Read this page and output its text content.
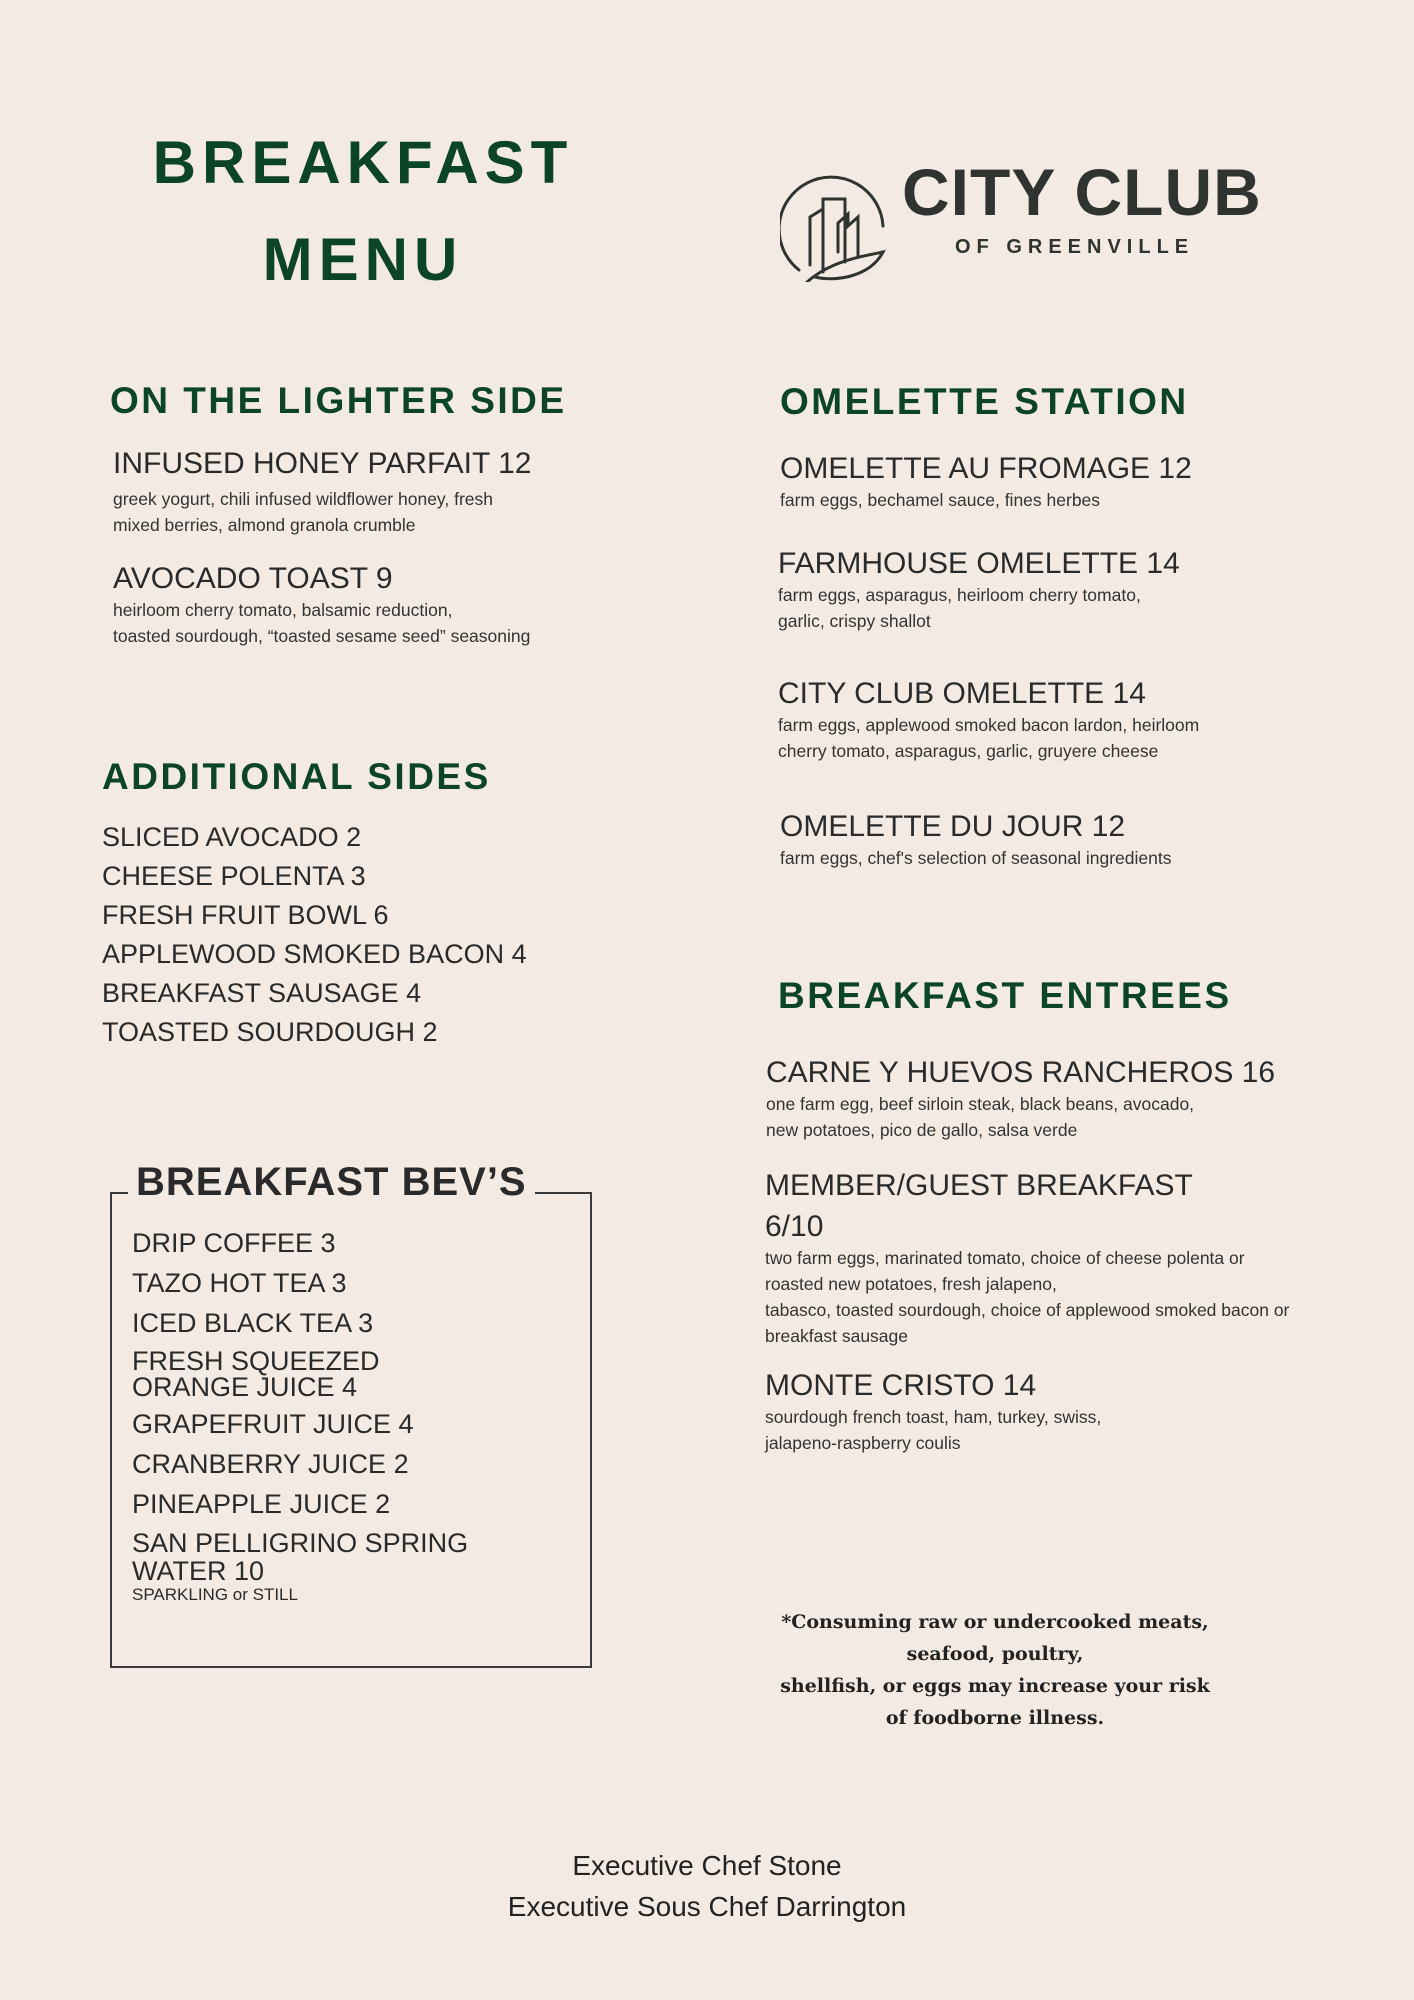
BREAKFAST
MENU
CITY CLUB
OF GREENVILLE
ON THE LIGHTER SIDE
INFUSED HONEY PARFAIT 12
greek yogurt, chili infused wildflower honey, fresh
mixed berries, almond granola crumble
AVOCADO TOAST 9
heirloom cherry tomato, balsamic reduction,
toasted sourdough, “toasted sesame seed” seasoning
ADDITIONAL SIDES
SLICED AVOCADO 2
CHEESE POLENTA 3
FRESH FRUIT BOWL 6
APPLEWOOD SMOKED BACON 4
BREAKFAST SAUSAGE 4
TOASTED SOURDOUGH 2
BREAKFAST BEV’S
DRIP COFFEE 3
TAZO HOT TEA 3
ICED BLACK TEA 3
FRESH SQUEEZED
ORANGE JUICE 4
GRAPEFRUIT JUICE 4
CRANBERRY JUICE 2
PINEAPPLE JUICE 2
SAN PELLIGRINO SPRING
WATER 10
SPARKLING or STILL
OMELETTE STATION
OMELETTE AU FROMAGE 12
farm eggs, bechamel sauce, fines herbes
FARMHOUSE OMELETTE 14
farm eggs, asparagus, heirloom cherry tomato,
garlic, crispy shallot
CITY CLUB OMELETTE 14
farm eggs, applewood smoked bacon lardon, heirloom
cherry tomato, asparagus, garlic, gruyere cheese
OMELETTE DU JOUR 12
farm eggs, chef's selection of seasonal ingredients
BREAKFAST ENTREES
CARNE Y HUEVOS RANCHEROS 16
one farm egg, beef sirloin steak, black beans, avocado,
new potatoes, pico de gallo, salsa verde
MEMBER/GUEST BREAKFAST
6/10
two farm eggs, marinated tomato, choice of cheese polenta or
roasted new potatoes, fresh jalapeno,
tabasco, toasted sourdough, choice of applewood smoked bacon or
breakfast sausage
MONTE CRISTO 14
sourdough french toast, ham, turkey, swiss,
jalapeno-raspberry coulis
*Consuming raw or undercooked meats,
seafood, poultry,
shellfish, or eggs may increase your risk
of foodborne illness.
Executive Chef Stone
Executive Sous Chef Darrington
